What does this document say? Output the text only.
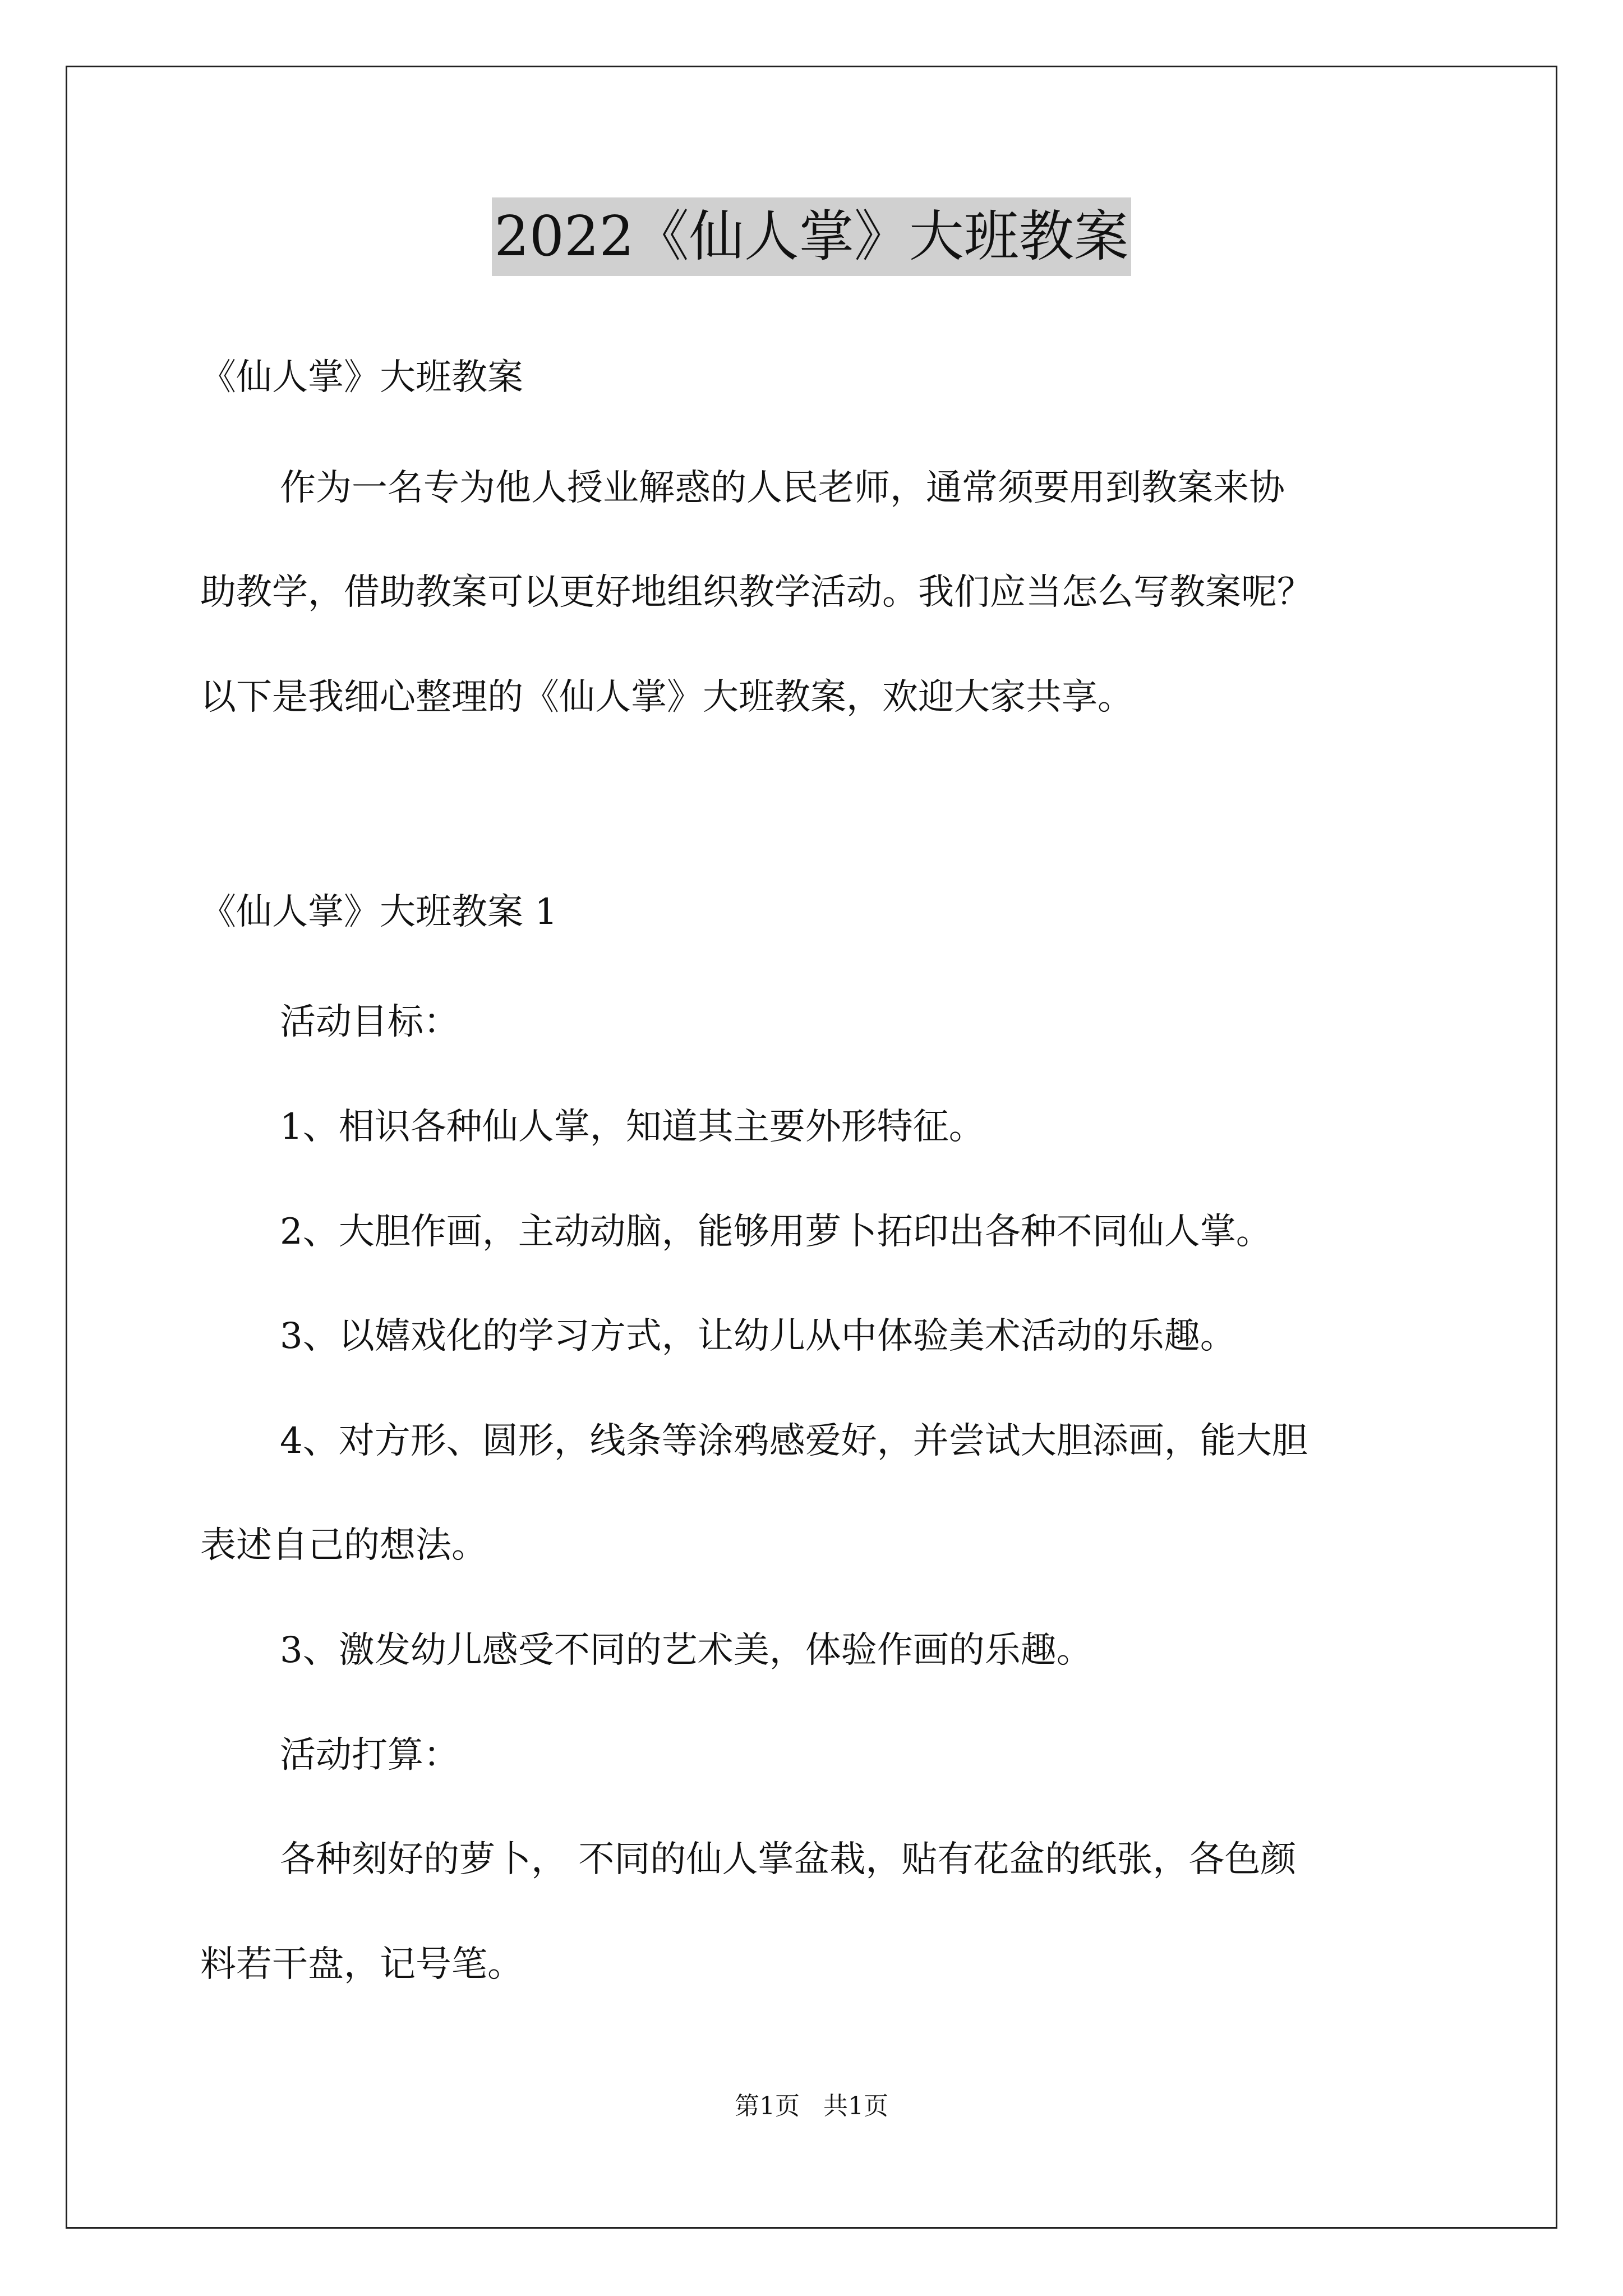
2022《仙人掌》大班教案
《仙人掌》大班教案
作为一名专为他人授业解惑的人民老师，通常须要用到教案来协
助教学，借助教案可以更好地组织教学活动。我们应当怎么写教案呢？
以下是我细心整理的《仙人掌》大班教案，欢迎大家共享。
《仙人掌》大班教案 1
活动目标：
1、相识各种仙人掌，知道其主要外形特征。
2、大胆作画，主动动脑，能够用萝卜拓印出各种不同仙人掌。
3、以嬉戏化的学习方式，让幼儿从中体验美术活动的乐趣。
4、对方形、圆形，线条等涂鸦感爱好，并尝试大胆添画，能大胆
表述自己的想法。
3、激发幼儿感受不同的艺术美，体验作画的乐趣。
活动打算：
各种刻好的萝卜， 不同的仙人掌盆栽，贴有花盆的纸张，各色颜
料若干盘，记号笔。
第1页   共1页
